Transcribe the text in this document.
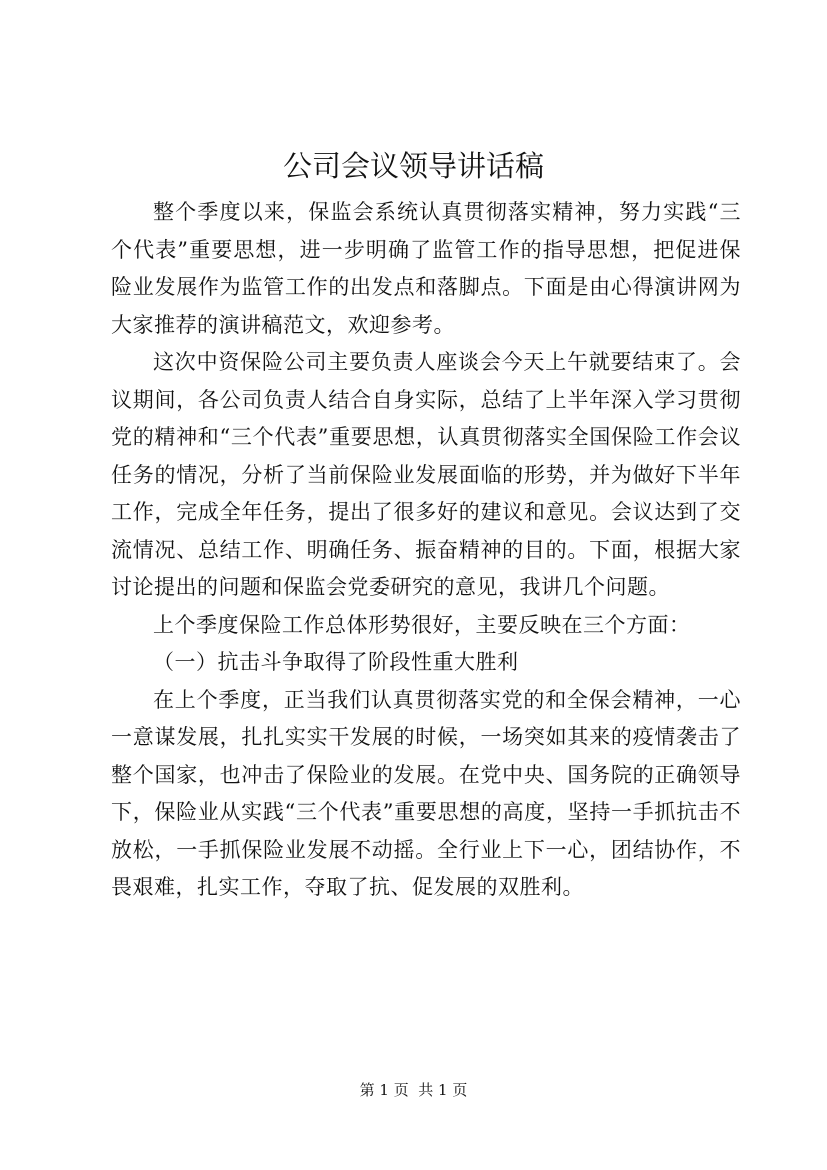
公司会议领导讲话稿

整个季度以来，保监会系统认真贯彻落实精神，努力实践“三个代表”重要思想，进一步明确了监管工作的指导思想，把促进保险业发展作为监管工作的出发点和落脚点。下面是由心得演讲网为大家推荐的演讲稿范文，欢迎参考。

这次中资保险公司主要负责人座谈会今天上午就要结束了。会议期间，各公司负责人结合自身实际，总结了上半年深入学习贯彻党的精神和“三个代表”重要思想，认真贯彻落实全国保险工作会议任务的情况，分析了当前保险业发展面临的形势，并为做好下半年工作，完成全年任务，提出了很多好的建议和意见。会议达到了交流情况、总结工作、明确任务、振奋精神的目的。下面，根据大家讨论提出的问题和保监会党委研究的意见，我讲几个问题。

上个季度保险工作总体形势很好，主要反映在三个方面：

（一）抗击斗争取得了阶段性重大胜利

在上个季度，正当我们认真贯彻落实党的和全保会精神，一心一意谋发展，扎扎实实干发展的时候，一场突如其来的疫情袭击了整个国家，也冲击了保险业的发展。在党中央、国务院的正确领导下，保险业从实践“三个代表”重要思想的高度，坚持一手抓抗击不放松，一手抓保险业发展不动摇。全行业上下一心，团结协作，不畏艰难，扎实工作，夺取了抗、促发展的双胜利。

第 1 页  共 1 页
